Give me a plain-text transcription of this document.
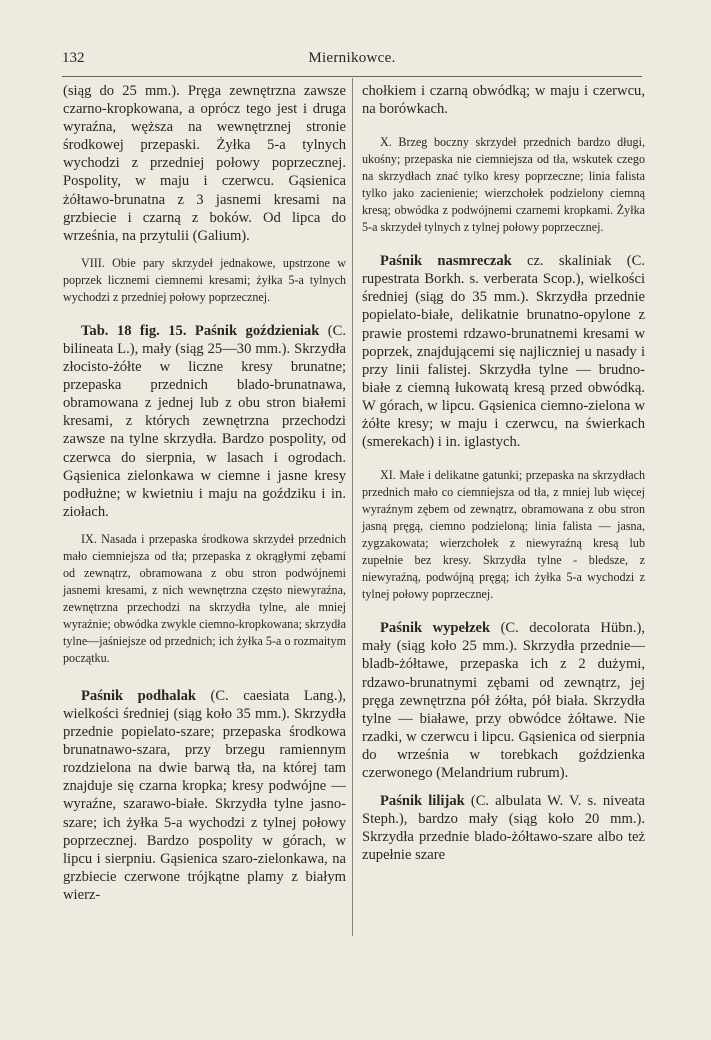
132	Miernikowce.

(siąg do 25 mm.). Pręga zewnętrzna zawsze czarno-kropkowana, a oprócz tego jest i druga wyraźna, węższa na wewnętrznej stronie środkowej przepaski. Żyłka 5-a tylnych wychodzi z przedniej połowy poprzecznej. Pospolity, w maju i czerwcu. Gąsienica żółtawo-brunatna z 3 jasnemi kresami na grzbiecie i czarną z boków. Od lipca do września, na przytulii (Galium).

VIII. Obie pary skrzydeł jednakowe, upstrzone w poprzek licznemi ciemnemi kresami; żyłka 5-a tylnych wychodzi z przedniej połowy poprzecznej.

Tab. 18 fig. 15. Paśnik goździeniak (C. bilineata L.), mały (siąg 25—30 mm.). Skrzydła złocisto-żółte w liczne kresy brunatne; przepaska przednich blado-brunatnawa, obramowana z jednej lub z obu stron białemi kresami, z których zewnętrzna przechodzi zawsze na tylne skrzydła. Bardzo pospolity, od czerwca do sierpnia, w lasach i ogrodach. Gąsienica zielonkawa w ciemne i jasne kresy podłużne; w kwietniu i maju na goździku i in. ziołach.

IX. Nasada i przepaska środkowa skrzydeł przednich mało ciemniejsza od tła; przepaska z okrągłymi zębami od zewnątrz, obramowana z obu stron podwójnemi jasnemi kresami, z nich wewnętrzna często niewyraźna, zewnętrzna przechodzi na skrzydła tylne, ale mniej wyraźnie; obwódka zwykle ciemno-kropkowana; skrzydła tylne—jaśniejsze od przednich; ich żyłka 5-a o rozmaitym początku.

Paśnik podhalak (C. caesiata Lang.), wielkości średniej (siąg koło 35 mm.). Skrzydła przednie popielato-szare; przepaska środkowa brunatnawo-szara, przy brzegu ramiennym rozdzielona na dwie barwą tła, na której tam znajduje się czarna kropka; kresy podwójne — wyraźne, szarawo-białe. Skrzydła tylne jasno-szare; ich żyłka 5-a wychodzi z tylnej połowy poprzecznej. Bardzo pospolity w górach, w lipcu i sierpniu. Gąsienica szaro-zielonkawa, na grzbiecie czerwone trójkątne plamy z białym wierz-

chołkiem i czarną obwódką; w maju i czerwcu, na borówkach.

X. Brzeg boczny skrzydeł przednich bardzo długi, ukośny; przepaska nie ciemniejsza od tła, wskutek czego na skrzydłach znać tylko kresy poprzeczne; linia falista tylko jako zacienienie; wierzchołek podzielony ciemną kresą; obwódka z podwójnemi czarnemi kropkami. Żyłka 5-a skrzydeł tylnych z tylnej połowy poprzecznej.

Paśnik nasmreczak cz. skaliniak (C. rupestrata Borkh. s. verberata Scop.), wielkości średniej (siąg do 35 mm.). Skrzydła przednie popielato-białe, delikatnie brunatno-opylone z prawie prostemi rdzawo-brunatnemi kresami w poprzek, znajdującemi się najliczniej u nasady i przy linii falistej. Skrzydła tylne — brudno-białe z ciemną łukowatą kresą przed obwódką. W górach, w lipcu. Gąsienica ciemno-zielona w żółte kresy; w maju i czerwcu, na świerkach (smerekach) i in. iglastych.

XI. Małe i delikatne gatunki; przepaska na skrzydłach przednich mało co ciemniejsza od tła, z mniej lub więcej wyraźnym zębem od zewnątrz, obramowana z obu stron jasną pręgą, ciemno podzieloną; linia falista — jasna, zygzakowata; wierzchołek z niewyraźną kresą lub zupełnie bez kresy. Skrzydła tylne - bledsze, z niewyraźną, podwójną pręgą; ich żyłka 5-a wychodzi z tylnej połowy poprzecznej.

Paśnik wypełzek (C. decolorata Hübn.), mały (siąg koło 25 mm.). Skrzydła przednie—bladb-żółtawe, przepaska ich z 2 dużymi, rdzawo-brunatnymi zębami od zewnątrz, jej pręga zewnętrzna pół żółta, pół biała. Skrzydła tylne — białawe, przy obwódce żółtawe. Nie rzadki, w czerwcu i lipcu. Gąsienica od sierpnia do września w torebkach goździenka czerwonego (Melandrium rubrum).

Paśnik lilijak (C. albulata W. V. s. niveata Steph.), bardzo mały (siąg koło 20 mm.). Skrzydła przednie blado-żółtawo-szare albo też zupełnie szare
